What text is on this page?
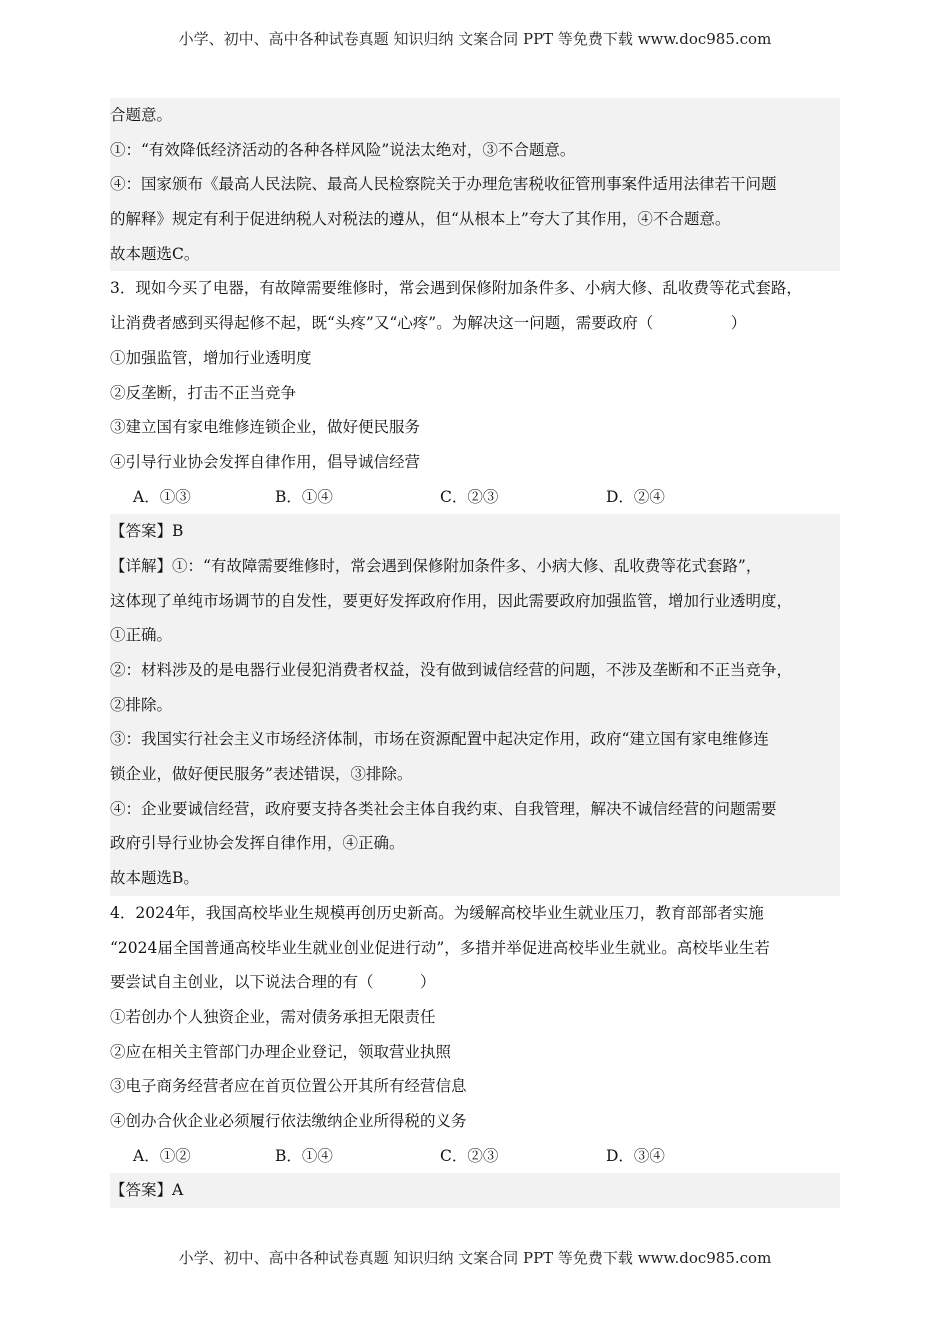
小学、初中、高中各种试卷真题 知识归纳 文案合同 PPT 等免费下载 www.doc985.com
合题意。
①：“有效降低经济活动的各种各样风险”说法太绝对，③不合题意。
④：国家颁布《最高人民法院、最高人民检察院关于办理危害税收征管刑事案件适用法律若干问题
的解释》规定有利于促进纳税人对税法的遵从，但“从根本上”夸大了其作用，④不合题意。
故本题选C。
3．现如今买了电器，有故障需要维修时，常会遇到保修附加条件多、小病大修、乱收费等花式套路，
让消费者感到买得起修不起，既“头疼”又“心疼”。为解决这一问题，需要政府（　　　　　）
①加强监管，增加行业透明度
②反垄断，打击不正当竞争
③建立国有家电维修连锁企业，做好便民服务
④引导行业协会发挥自律作用，倡导诚信经营
A．①③	B．①④	C．②③	D．②④
【答案】B
【详解】①：“有故障需要维修时，常会遇到保修附加条件多、小病大修、乱收费等花式套路”，
这体现了单纯市场调节的自发性，要更好发挥政府作用，因此需要政府加强监管，增加行业透明度，
①正确。
②：材料涉及的是电器行业侵犯消费者权益，没有做到诚信经营的问题，不涉及垄断和不正当竞争，
②排除。
③：我国实行社会主义市场经济体制，市场在资源配置中起决定作用，政府“建立国有家电维修连
锁企业，做好便民服务”表述错误，③排除。
④：企业要诚信经营，政府要支持各类社会主体自我约束、自我管理，解决不诚信经营的问题需要
政府引导行业协会发挥自律作用，④正确。
故本题选B。
4．2024年，我国高校毕业生规模再创历史新高。为缓解高校毕业生就业压刀，教育部部者实施
“2024届全国普通高校毕业生就业创业促进行动”，多措并举促进高校毕业生就业。高校毕业生若
要尝试自主创业，以下说法合理的有（　　　）
①若创办个人独资企业，需对债务承担无限责任
②应在相关主管部门办理企业登记，领取营业执照
③电子商务经营者应在首页位置公开其所有经营信息
④创办合伙企业必须履行依法缴纳企业所得税的义务
A．①②	B．①④	C．②③	D．③④
【答案】A
小学、初中、高中各种试卷真题 知识归纳 文案合同 PPT 等免费下载 www.doc985.com
